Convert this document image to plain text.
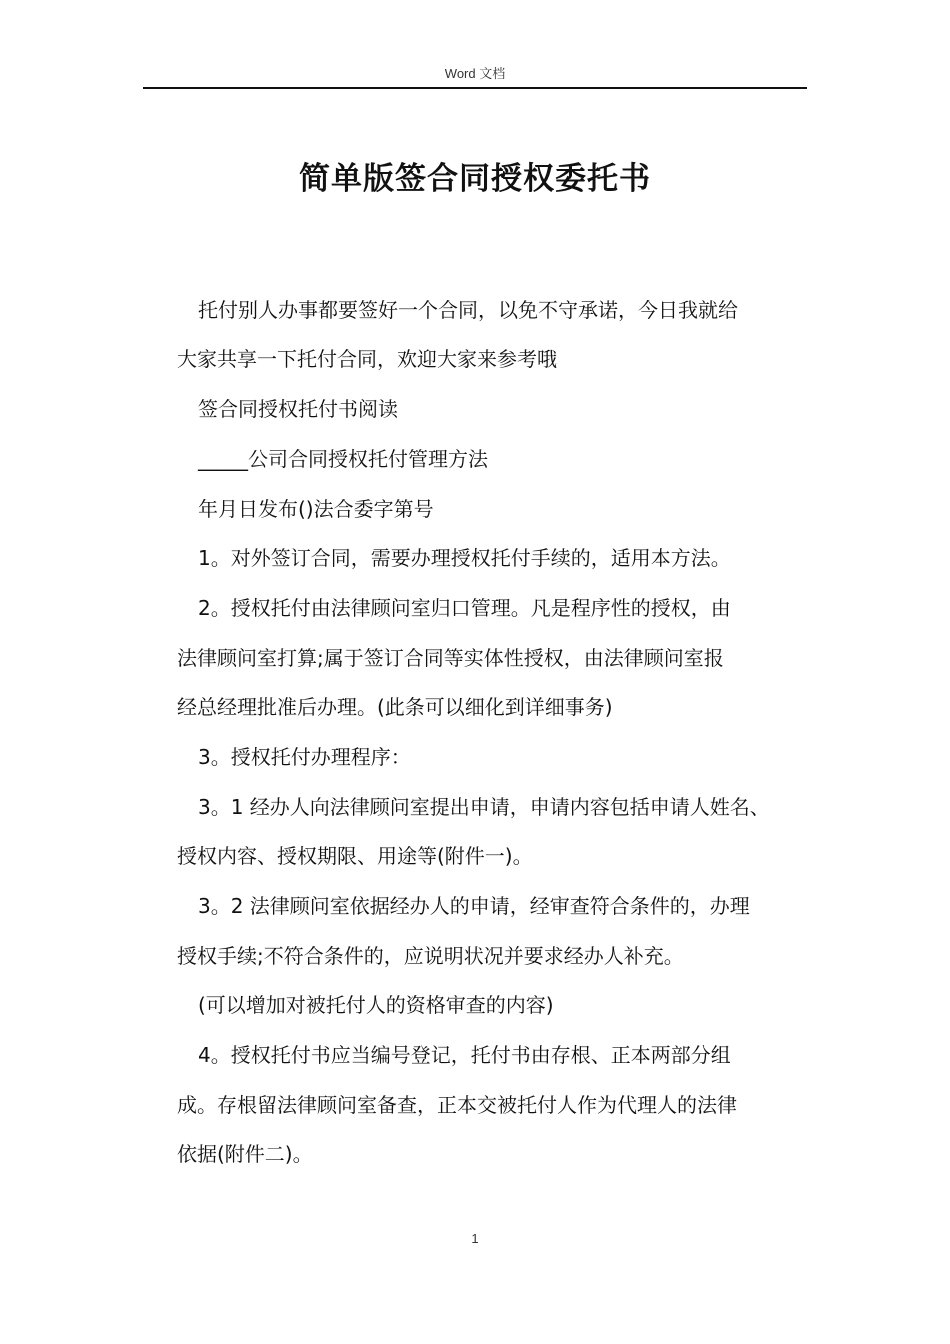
Word 文档
简单版签合同授权委托书
托付别人办事都要签好一个合同，以免不守承诺，今日我就给
大家共享一下托付合同，欢迎大家来参考哦
签合同授权托付书阅读
_____公司合同授权托付管理方法
年月日发布()法合委字第号
1。对外签订合同，需要办理授权托付手续的，适用本方法。
2。授权托付由法律顾问室归口管理。凡是程序性的授权，由
法律顾问室打算;属于签订合同等实体性授权，由法律顾问室报
经总经理批准后办理。(此条可以细化到详细事务)
3。授权托付办理程序：
3。1 经办人向法律顾问室提出申请，申请内容包括申请人姓名、
授权内容、授权期限、用途等(附件一)。
3。2 法律顾问室依据经办人的申请，经审查符合条件的，办理
授权手续;不符合条件的，应说明状况并要求经办人补充。
(可以增加对被托付人的资格审查的内容)
4。授权托付书应当编号登记，托付书由存根、正本两部分组
成。存根留法律顾问室备查，正本交被托付人作为代理人的法律
依据(附件二)。
1
